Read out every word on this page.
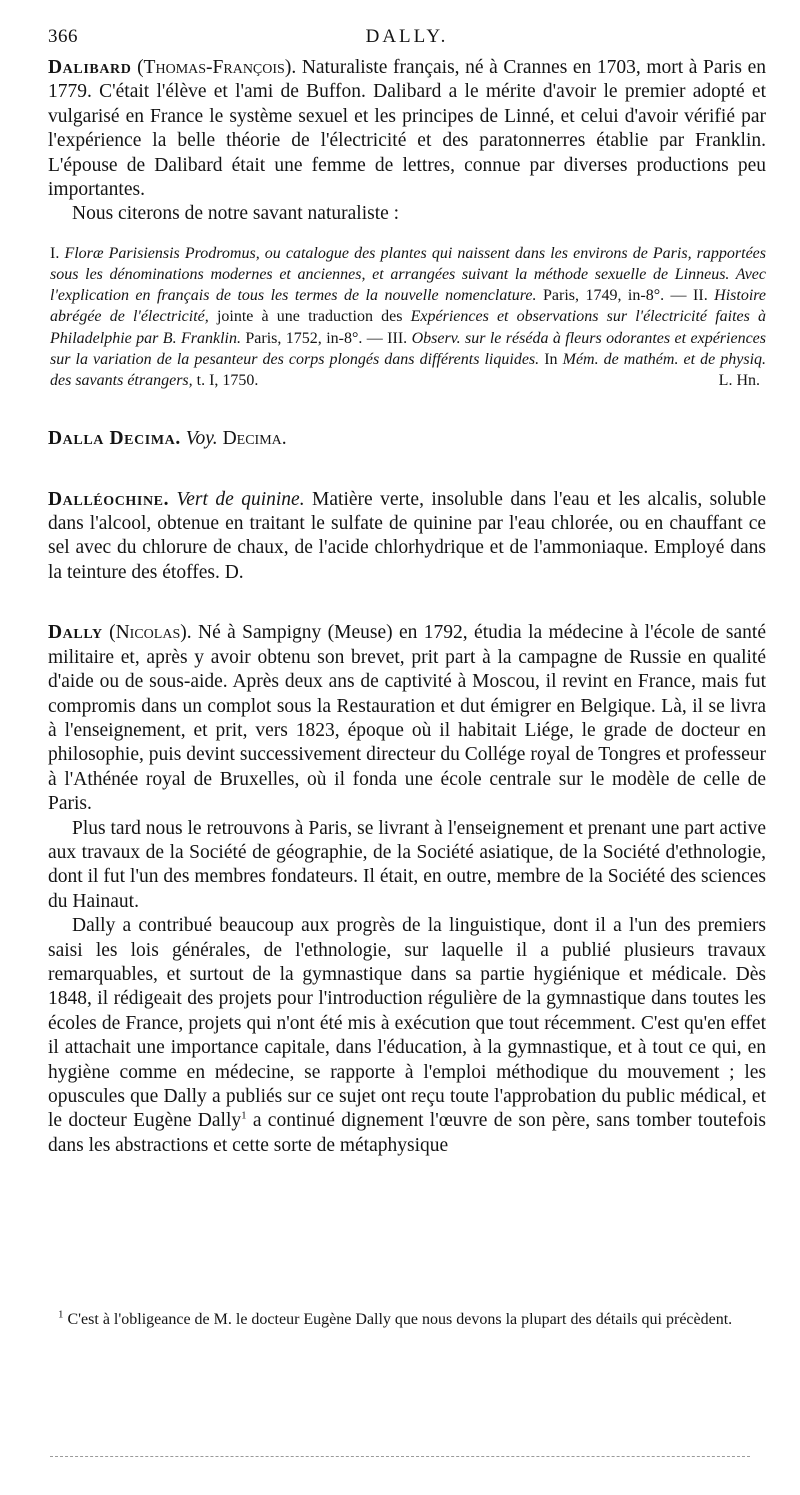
366	DALLY.

Dalibard (Thomas-François). Naturaliste français, né à Crannes en 1703, mort à Paris en 1779. C'était l'élève et l'ami de Buffon. Dalibard a le mérite d'avoir le premier adopté et vulgarisé en France le système sexuel et les principes de Linné, et celui d'avoir vérifié par l'expérience la belle théorie de l'électricité et des paratonnerres établie par Franklin. L'épouse de Dalibard était une femme de lettres, connue par diverses productions peu importantes.

Nous citerons de notre savant naturaliste :

I. Floræ Parisiensis Prodromus, ou catalogue des plantes qui naissent dans les environs de Paris, rapportées sous les dénominations modernes et anciennes, et arrangées suivant la méthode sexuelle de Linneus. Avec l'explication en français de tous les termes de la nouvelle nomenclature. Paris, 1749, in-8°. — II. Histoire abrégée de l'électricité, jointe à une traduction des Expériences et observations sur l'électricité faites à Philadelphie par B. Franklin. Paris, 1752, in-8°. — III. Observ. sur le réséda à fleurs odorantes et expériences sur la variation de la pesanteur des corps plongés dans différents liquides. In Mém. de mathém. et de physiq. des savants étrangers, t. I, 1750.	L. Hn.

Dalla Decima. Voy. Decima.

Dalléochine. Vert de quinine. Matière verte, insoluble dans l'eau et les alcalis, soluble dans l'alcool, obtenue en traitant le sulfate de quinine par l'eau chlorée, ou en chauffant ce sel avec du chlorure de chaux, de l'acide chlorhydrique et de l'ammoniaque. Employé dans la teinture des étoffes. D.

Dally (Nicolas). Né à Sampigny (Meuse) en 1792, étudia la médecine à l'école de santé militaire et, après y avoir obtenu son brevet, prit part à la campagne de Russie en qualité d'aide ou de sous-aide. Après deux ans de captivité à Moscou, il revint en France, mais fut compromis dans un complot sous la Restauration et dut émigrer en Belgique. Là, il se livra à l'enseignement, et prit, vers 1823, époque où il habitait Liége, le grade de docteur en philosophie, puis devint successivement directeur du Collége royal de Tongres et professeur à l'Athénée royal de Bruxelles, où il fonda une école centrale sur le modèle de celle de Paris.

Plus tard nous le retrouvons à Paris, se livrant à l'enseignement et prenant une part active aux travaux de la Société de géographie, de la Société asiatique, de la Société d'ethnologie, dont il fut l'un des membres fondateurs. Il était, en outre, membre de la Société des sciences du Hainaut.

Dally a contribué beaucoup aux progrès de la linguistique, dont il a l'un des premiers saisi les lois générales, de l'ethnologie, sur laquelle il a publié plusieurs travaux remarquables, et surtout de la gymnastique dans sa partie hygiénique et médicale. Dès 1848, il rédigeait des projets pour l'introduction régulière de la gymnastique dans toutes les écoles de France, projets qui n'ont été mis à exécution que tout récemment. C'est qu'en effet il attachait une importance capitale, dans l'éducation, à la gymnastique, et à tout ce qui, en hygiène comme en médecine, se rapporte à l'emploi méthodique du mouvement ; les opuscules que Dally a publiés sur ce sujet ont reçu toute l'approbation du public médical, et le docteur Eugène Dally$^1$ a continué dignement l'œuvre de son père, sans tomber toutefois dans les abstractions et cette sorte de métaphysique

$^1$ C'est à l'obligeance de M. le docteur Eugène Dally que nous devons la plupart des détails qui précèdent.
